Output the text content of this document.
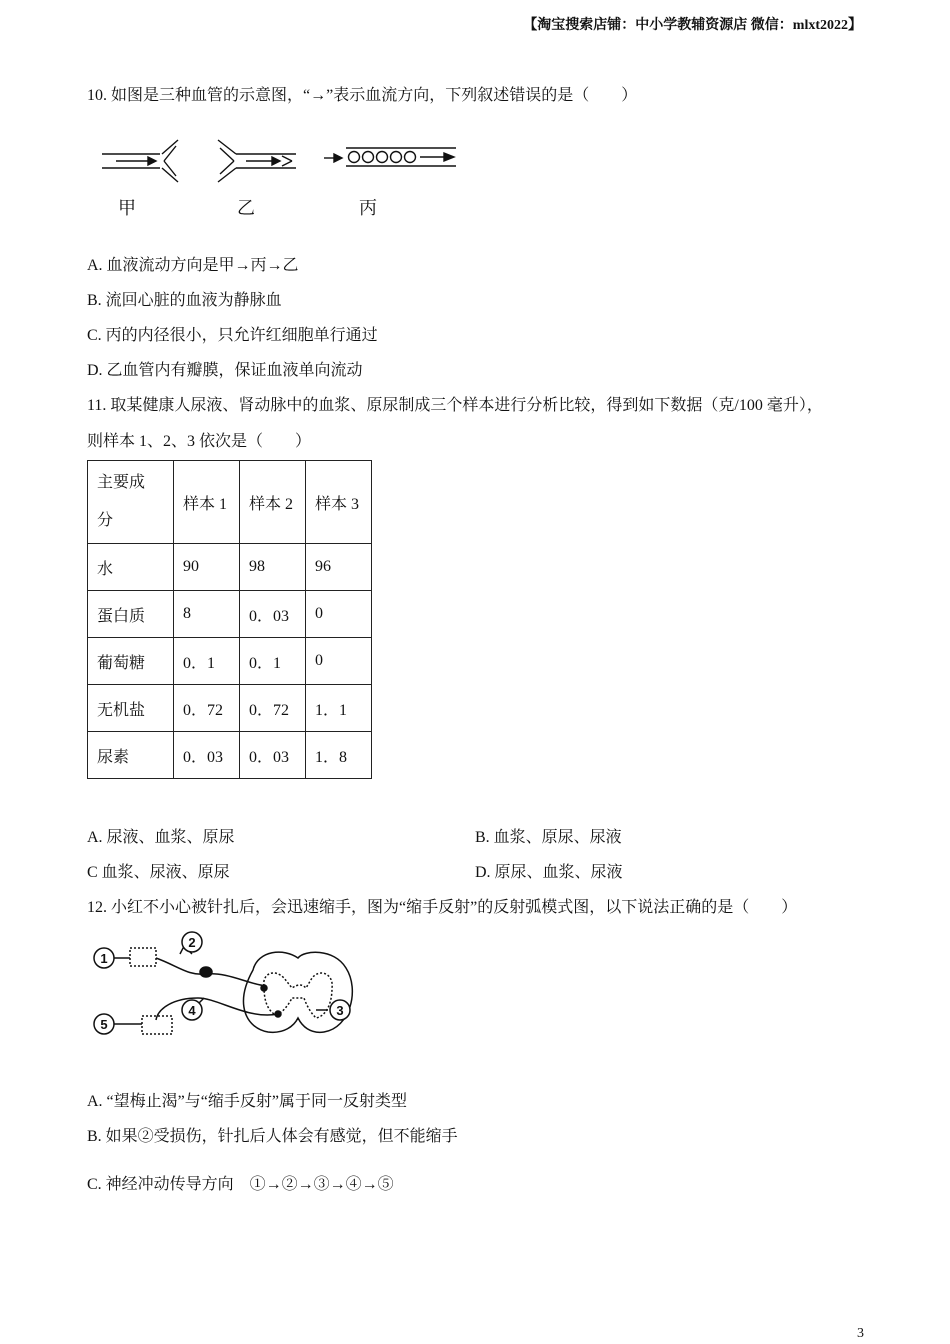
【淘宝搜索店铺：中小学教辅资源店 微信：mlxt2022】
10. 如图是三种血管的示意图，“→”表示血流方向，下列叙述错误的是（　　）
甲	乙	丙
A. 血液流动方向是甲→丙→乙
B. 流回心脏的血液为静脉血
C. 丙的内径很小，只允许红细胞单行通过
D. 乙血管内有瓣膜，保证血液单向流动
11. 取某健康人尿液、肾动脉中的血浆、原尿制成三个样本进行分析比较，得到如下数据（克/100 毫升），
则样本 1、2、3 依次是（　　）
主要成分	样本 1	样本 2	样本 3
水	90	98	96
蛋白质	8	0．03	0
葡萄糖	0．1	0．1	0
无机盐	0．72	0．72	1．1
尿素	0．03	0．03	1．8
A. 尿液、血浆、原尿	B. 血浆、原尿、尿液
C 血浆、尿液、原尿	D. 原尿、血浆、尿液
12. 小红不小心被针扎后，会迅速缩手，图为“缩手反射”的反射弧模式图，以下说法正确的是（　　）
1
2
3
4
5
A. “望梅止渴”与“缩手反射”属于同一反射类型
B. 如果②受损伤，针扎后人体会有感觉，但不能缩手
C. 神经冲动传导方向　①→②→③→④→⑤
3
